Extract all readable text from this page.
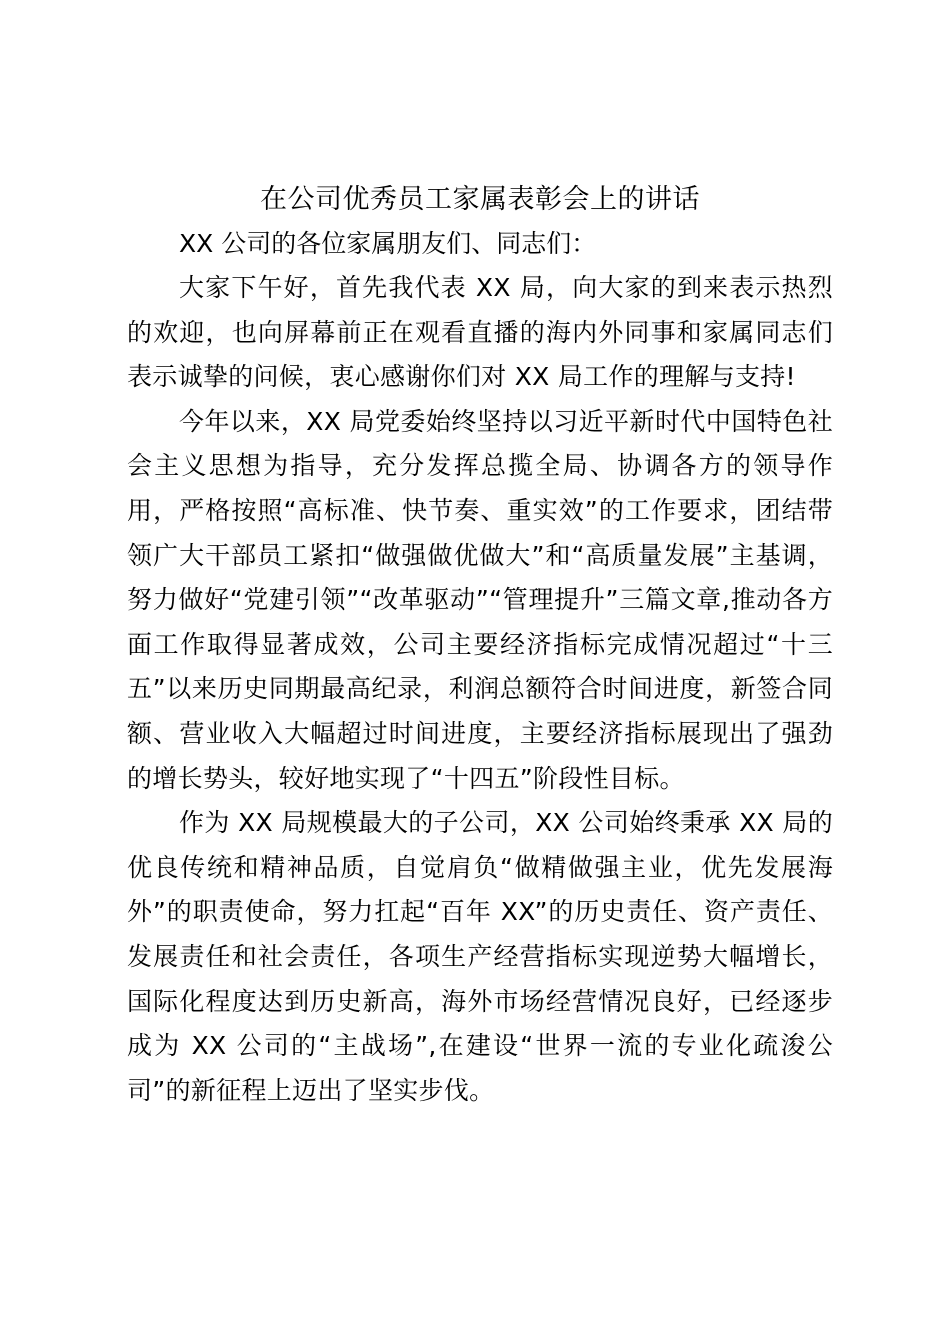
在公司优秀员工家属表彰会上的讲话

XX 公司的各位家属朋友们、同志们：

大家下午好，首先我代表 XX 局，向大家的到来表示热烈的欢迎，也向屏幕前正在观看直播的海内外同事和家属同志们表示诚挚的问候，衷心感谢你们对 XX 局工作的理解与支持!

今年以来，XX 局党委始终坚持以习近平新时代中国特色社会主义思想为指导，充分发挥总揽全局、协调各方的领导作用，严格按照“高标准、快节奏、重实效”的工作要求，团结带领广大干部员工紧扣“做强做优做大”和“高质量发展”主基调，努力做好“党建引领”“改革驱动”“管理提升”三篇文章,推动各方面工作取得显著成效，公司主要经济指标完成情况超过“十三五”以来历史同期最高纪录，利润总额符合时间进度，新签合同额、营业收入大幅超过时间进度，主要经济指标展现出了强劲的增长势头，较好地实现了“十四五”阶段性目标。

作为 XX 局规模最大的子公司，XX 公司始终秉承 XX 局的优良传统和精神品质，自觉肩负“做精做强主业，优先发展海外”的职责使命，努力扛起“百年 XX”的历史责任、资产责任、发展责任和社会责任，各项生产经营指标实现逆势大幅增长，国际化程度达到历史新高，海外市场经营情况良好，已经逐步成为 XX 公司的“主战场”,在建设“世界一流的专业化疏浚公司”的新征程上迈出了坚实步伐。
